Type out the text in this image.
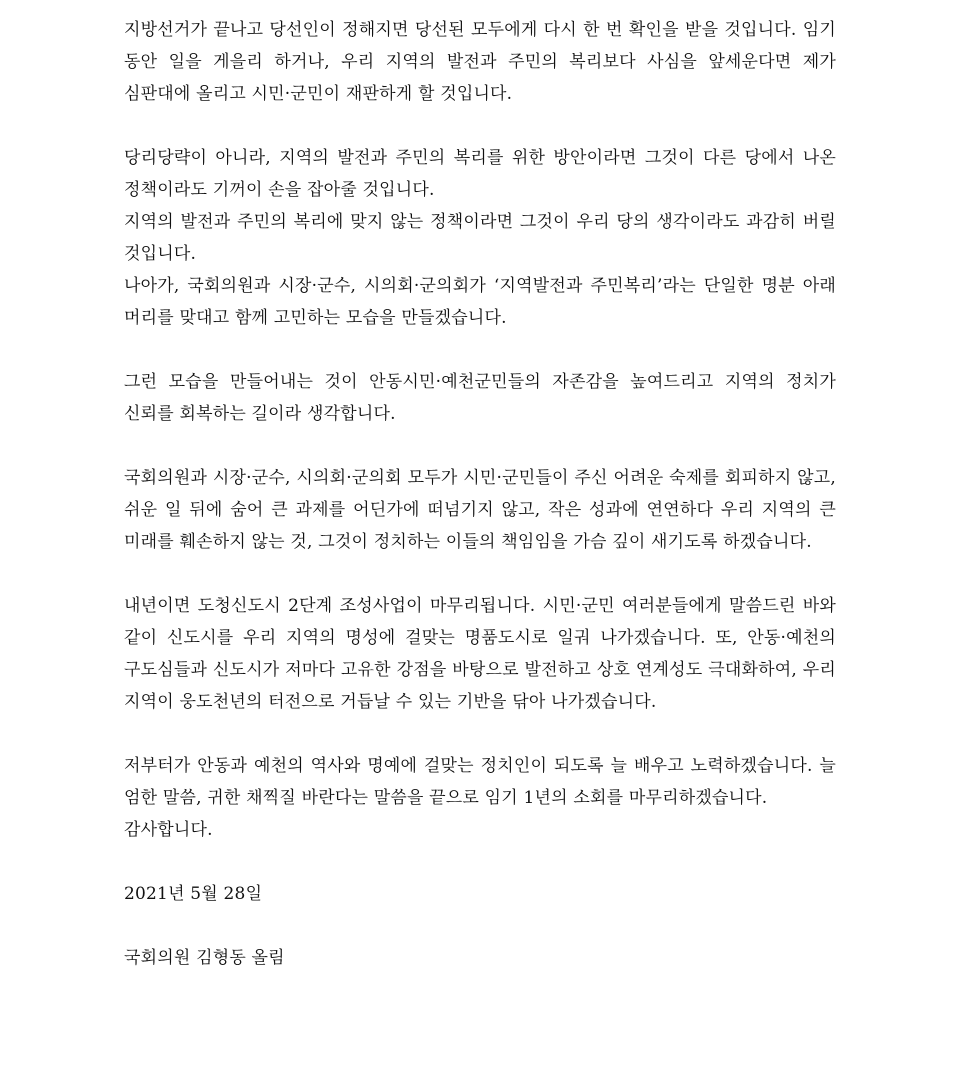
지방선거가 끝나고 당선인이 정해지면 당선된 모두에게 다시 한 번 확인을 받을 것입니다. 임기 동안 일을 게을리 하거나, 우리 지역의 발전과 주민의 복리보다 사심을 앞세운다면 제가 심판대에 올리고 시민·군민이 재판하게 할 것입니다.

당리당략이 아니라, 지역의 발전과 주민의 복리를 위한 방안이라면 그것이 다른 당에서 나온 정책이라도 기꺼이 손을 잡아줄 것입니다.

지역의 발전과 주민의 복리에 맞지 않는 정책이라면 그것이 우리 당의 생각이라도 과감히 버릴 것입니다.

나아가, 국회의원과 시장·군수, 시의회·군의회가 ‘지역발전과 주민복리’라는 단일한 명분 아래 머리를 맞대고 함께 고민하는 모습을 만들겠습니다.

그런 모습을 만들어내는 것이 안동시민·예천군민들의 자존감을 높여드리고 지역의 정치가 신뢰를 회복하는 길이라 생각합니다.

국회의원과 시장·군수, 시의회·군의회 모두가 시민·군민들이 주신 어려운 숙제를 회피하지 않고, 쉬운 일 뒤에 숨어 큰 과제를 어딘가에 떠넘기지 않고, 작은 성과에 연연하다 우리 지역의 큰 미래를 훼손하지 않는 것, 그것이 정치하는 이들의 책임임을 가슴 깊이 새기도록 하겠습니다.

내년이면 도청신도시 2단계 조성사업이 마무리됩니다. 시민·군민 여러분들에게 말씀드린 바와 같이 신도시를 우리 지역의 명성에 걸맞는 명품도시로 일궈 나가겠습니다. 또, 안동·예천의 구도심들과 신도시가 저마다 고유한 강점을 바탕으로 발전하고 상호 연계성도 극대화하여, 우리 지역이 웅도천년의 터전으로 거듭날 수 있는 기반을 닦아 나가겠습니다.

저부터가 안동과 예천의 역사와 명예에 걸맞는 정치인이 되도록 늘 배우고 노력하겠습니다. 늘 엄한 말씀, 귀한 채찍질 바란다는 말씀을 끝으로 임기 1년의 소회를 마무리하겠습니다.

감사합니다.

2021년 5월 28일

국회의원 김형동 올림
